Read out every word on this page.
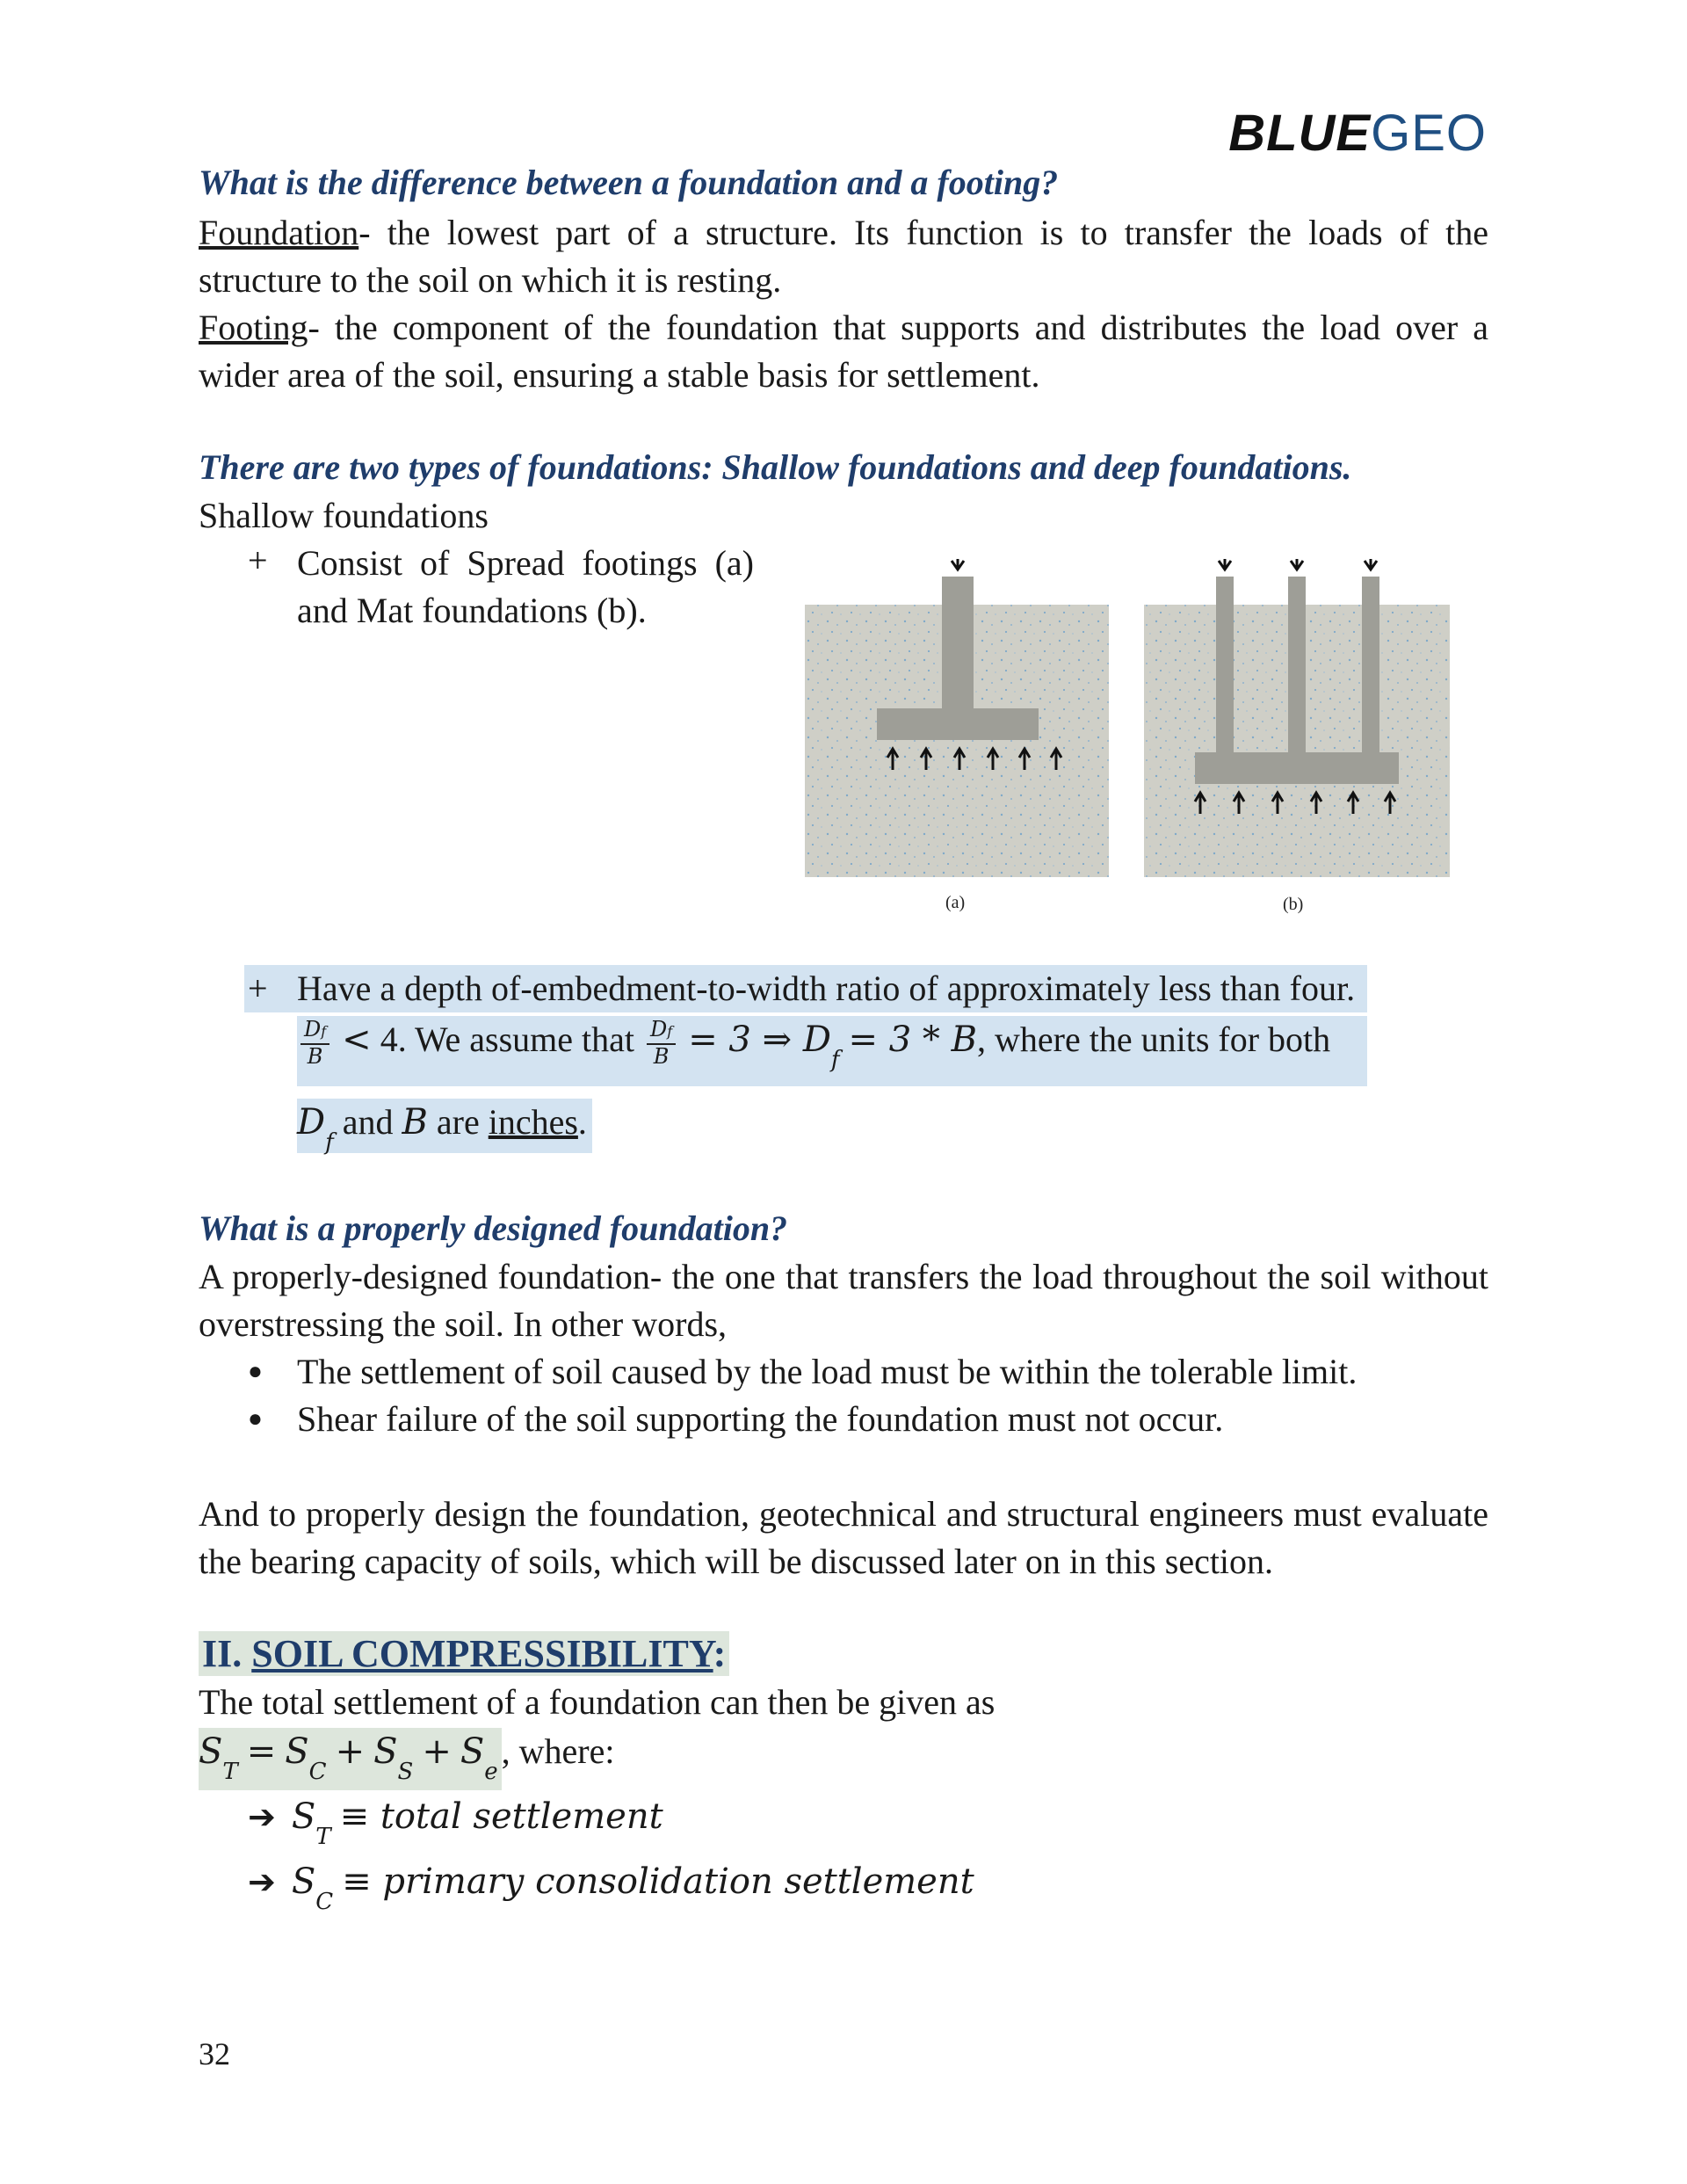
BLUEGEO
What is the difference between a foundation and a footing?
Foundation- the lowest part of a structure. Its function is to transfer the loads of the structure to the soil on which it is resting.
Footing- the component of the foundation that supports and distributes the load over a wider area of the soil, ensuring a stable basis for settlement.
There are two types of foundations: Shallow foundations and deep foundations.
Shallow foundations
+ Consist of Spread footings (a) and Mat foundations (b).
(a)	(b)
+ Have a depth of-embedment-to-width ratio of approximately less than four.
$\frac{Df}{B} < 4$. We assume that $\frac{Df}{B} = 3$ ⇒ $D_f = 3 * B$, where the units for both
$D_f$ and B are inches.
What is a properly designed foundation?
A properly-designed foundation- the one that transfers the load throughout the soil without overstressing the soil. In other words,
● The settlement of soil caused by the load must be within the tolerable limit.
● Shear failure of the soil supporting the foundation must not occur.
And to properly design the foundation, geotechnical and structural engineers must evaluate the bearing capacity of soils, which will be discussed later on in this section.
II. SOIL COMPRESSIBILITY:
The total settlement of a foundation can then be given as
$S_T = S_C + S_S + S_e$, where:
➔ $S_T$ ≡ total settlement
➔ $S_C$ ≡ primary consolidation settlement
32
